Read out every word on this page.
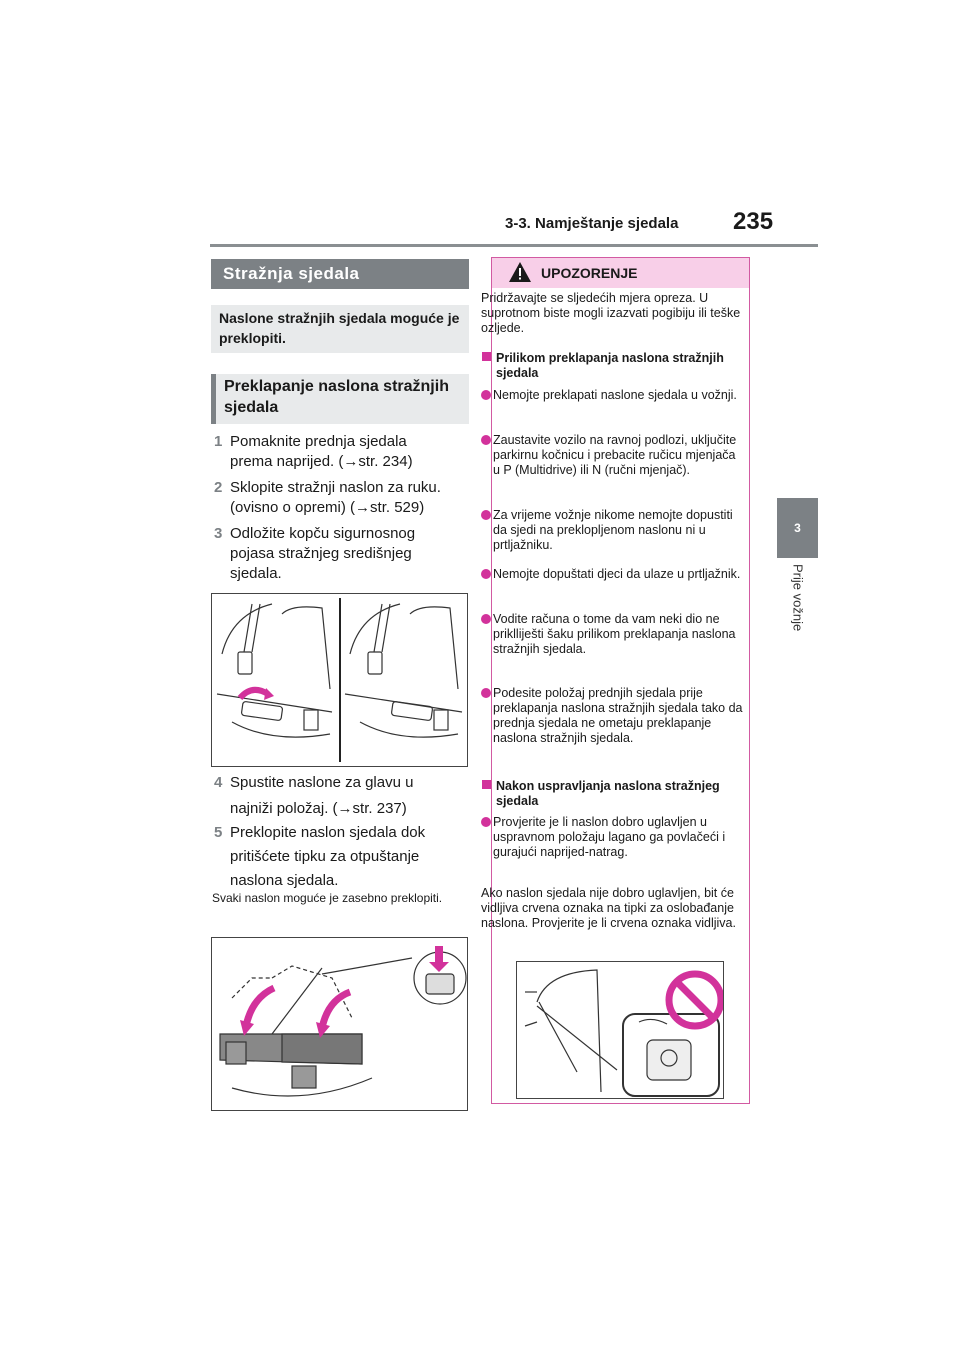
3-3. Namještanje sjedala 235
3
Prije vožnje
Stražnja sjedala
Naslone stražnjih sjedala moguće je preklopiti.
Preklapanje naslona stražnjih sjedala
1 Pomaknite prednja sjedala
prema naprijed. (→str. 234)
2 Sklopite stražnji naslon za ruku.
(ovisno o opremi) (→str. 529)
3 Odložite kopču sigurnosnog
pojasa stražnjeg središnjeg
sjedala.
4 Spustite naslone za glavu u
najniži položaj. (→str. 237)
5 Preklopite naslon sjedala dok
pritišćete tipku za otpuštanje
naslona sjedala.
Svaki naslon moguće je zasebno preklopiti.
UPOZORENJE
Pridržavajte se sljedećih mjera opreza. U suprotnom biste mogli izazvati pogibiju ili teške ozljede.
Prilikom preklapanja naslona stražnjih sjedala
Nemojte preklapati naslone sjedala u vožnji.
Zaustavite vozilo na ravnoj podlozi, uključite parkirnu kočnicu i prebacite ručicu mjenjača u P (Multidrive) ili N (ručni mjenjač).
Za vrijeme vožnje nikome nemojte dopustiti da sjedi na preklopljenom naslonu ni u prtljažniku.
Nemojte dopuštati djeci da ulaze u prtljažnik.
Vodite računa o tome da vam neki dio ne priklliješti šaku prilikom preklapanja naslona stražnjih sjedala.
Podesite položaj prednjih sjedala prije preklapanja naslona stražnjih sjedala tako da prednja sjedala ne ometaju preklapanje naslona stražnjih sjedala.
Nakon uspravljanja naslona stražnjeg sjedala
Provjerite je li naslon dobro uglavljen u uspravnom položaju lagano ga povlačeći i gurajući naprijed-natrag.
Ako naslon sjedala nije dobro uglavljen, bit će vidljiva crvena oznaka na tipki za oslobađanje naslona. Provjerite je li crvena oznaka vidljiva.
